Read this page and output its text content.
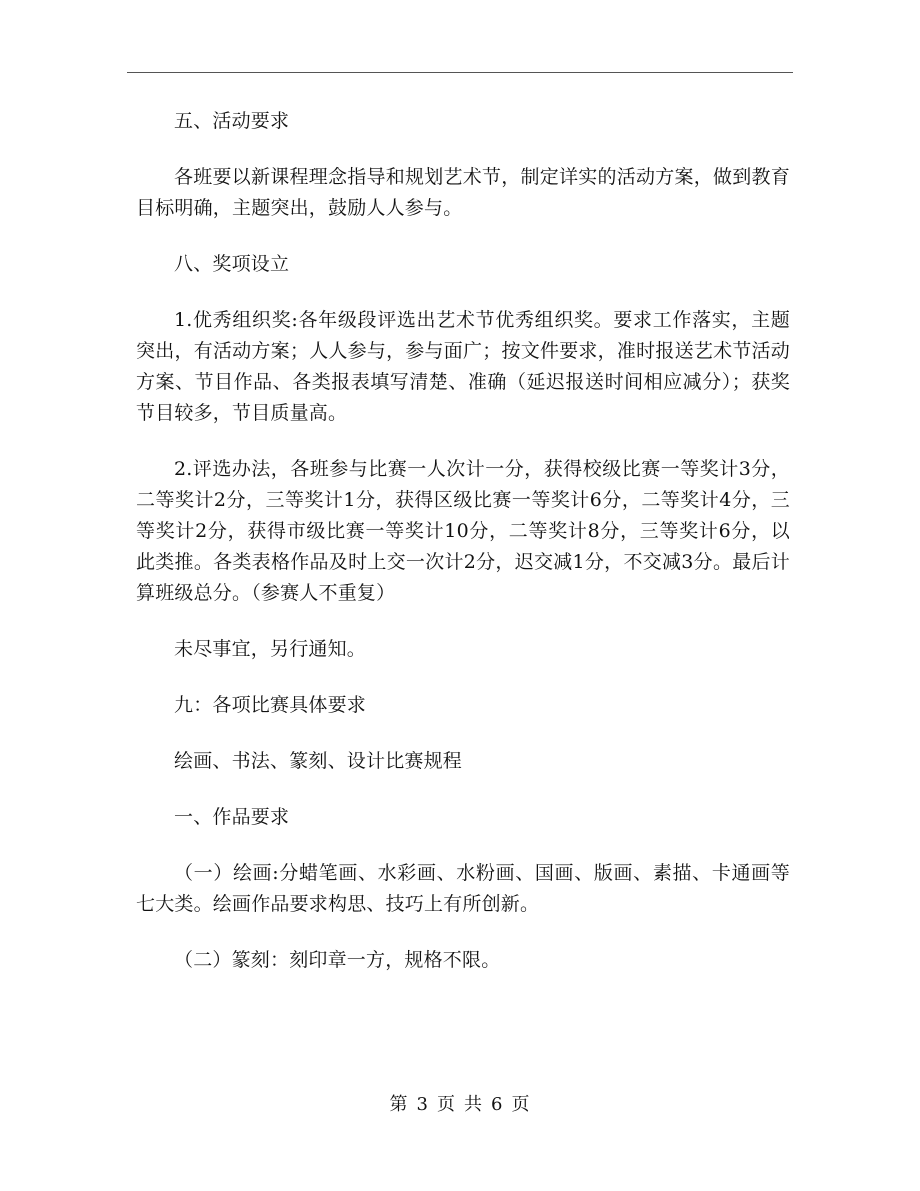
五、活动要求

各班要以新课程理念指导和规划艺术节，制定详实的活动方案，做到教育目标明确，主题突出，鼓励人人参与。

八、奖项设立

1.优秀组织奖:各年级段评选出艺术节优秀组织奖。要求工作落实，主题突出，有活动方案；人人参与，参与面广；按文件要求，准时报送艺术节活动方案、节目作品、各类报表填写清楚、准确（延迟报送时间相应减分）；获奖节目较多，节目质量高。

2.评选办法，各班参与比赛一人次计一分，获得校级比赛一等奖计3分，二等奖计2分，三等奖计1分，获得区级比赛一等奖计6分，二等奖计4分，三等奖计2分，获得市级比赛一等奖计10分，二等奖计8分，三等奖计6分，以此类推。各类表格作品及时上交一次计2分，迟交减1分，不交减3分。最后计算班级总分。（参赛人不重复）

未尽事宜，另行通知。

九：各项比赛具体要求

绘画、书法、篆刻、设计比赛规程

一、作品要求

（一）绘画:分蜡笔画、水彩画、水粉画、国画、版画、素描、卡通画等七大类。绘画作品要求构思、技巧上有所创新。

（二）篆刻：刻印章一方，规格不限。

第 3 页 共 6 页
